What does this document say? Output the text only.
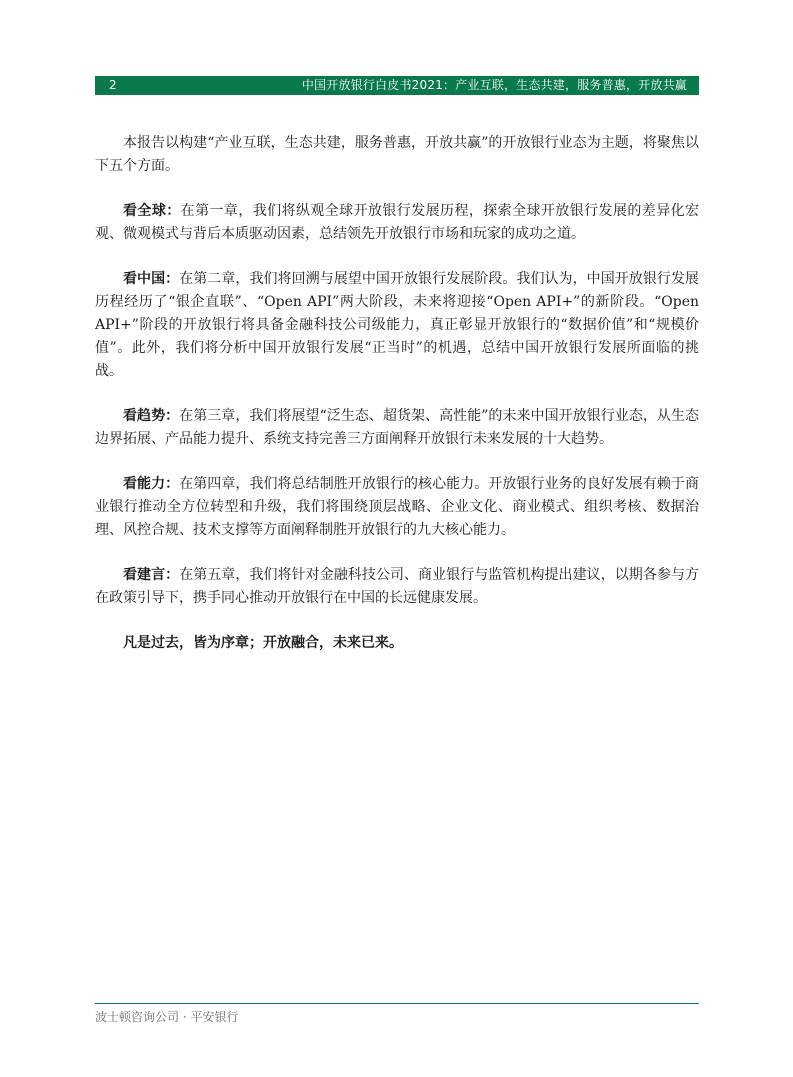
2	中国开放银行白皮书2021：产业互联，生态共建，服务普惠，开放共赢

本报告以构建“产业互联，生态共建，服务普惠，开放共赢”的开放银行业态为主题，将聚焦以下五个方面。

看全球：在第一章，我们将纵观全球开放银行发展历程，探索全球开放银行发展的差异化宏观、微观模式与背后本质驱动因素，总结领先开放银行市场和玩家的成功之道。

看中国：在第二章，我们将回溯与展望中国开放银行发展阶段。我们认为，中国开放银行发展历程经历了“银企直联”、“Open API”两大阶段，未来将迎接“Open API+”的新阶段。“Open API+”阶段的开放银行将具备金融科技公司级能力，真正彰显开放银行的“数据价值”和“规模价值”。此外，我们将分析中国开放银行发展“正当时”的机遇，总结中国开放银行发展所面临的挑战。

看趋势：在第三章，我们将展望“泛生态、超货架、高性能”的未来中国开放银行业态，从生态边界拓展、产品能力提升、系统支持完善三方面阐释开放银行未来发展的十大趋势。

看能力：在第四章，我们将总结制胜开放银行的核心能力。开放银行业务的良好发展有赖于商业银行推动全方位转型和升级，我们将围绕顶层战略、企业文化、商业模式、组织考核、数据治理、风控合规、技术支撑等方面阐释制胜开放银行的九大核心能力。

看建言：在第五章，我们将针对金融科技公司、商业银行与监管机构提出建议，以期各参与方在政策引导下，携手同心推动开放银行在中国的长远健康发展。

凡是过去，皆为序章；开放融合，未来已来。

波士顿咨询公司 · 平安银行
